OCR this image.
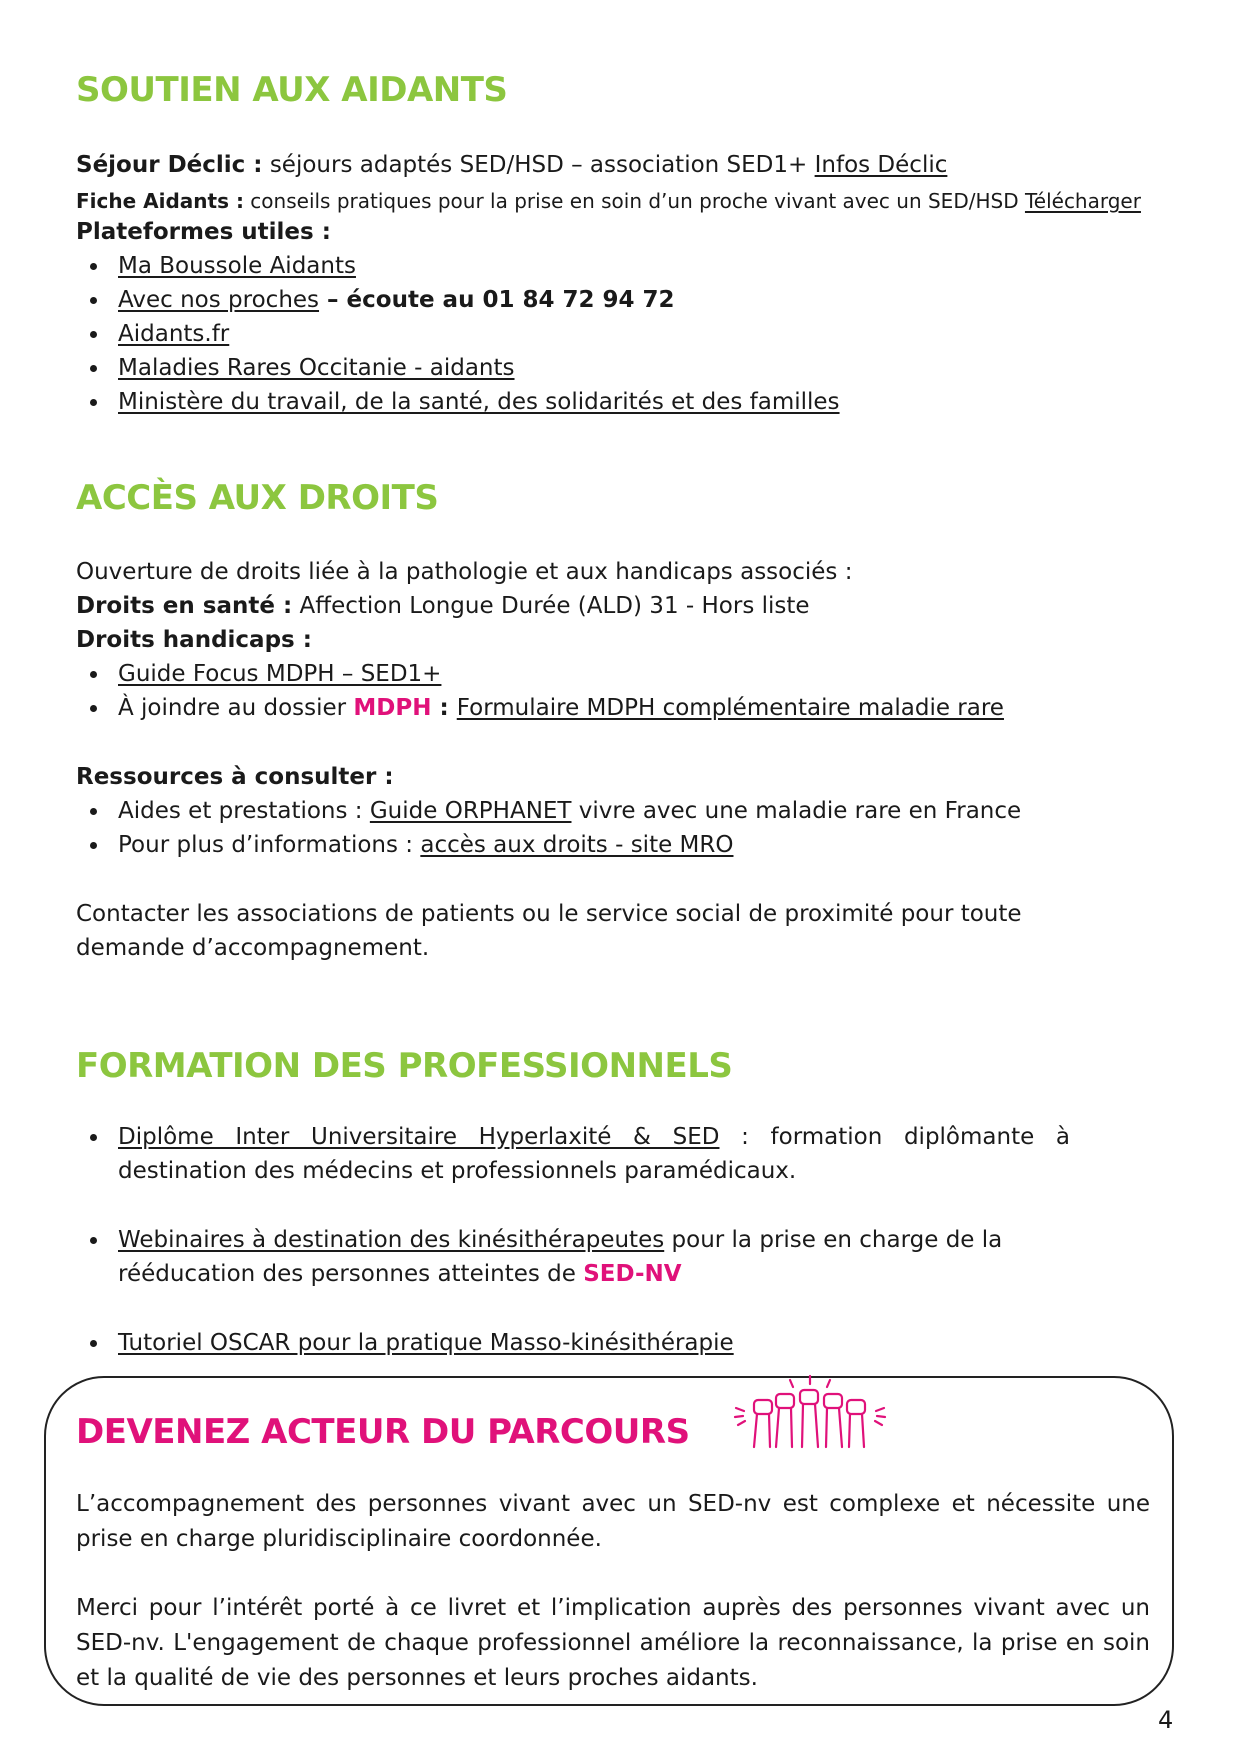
SOUTIEN AUX AIDANTS

Séjour Déclic : séjours adaptés SED/HSD – association SED1+ Infos Déclic

Fiche Aidants : conseils pratiques pour la prise en soin d’un proche vivant avec un SED/HSD Télécharger

Plateformes utiles :

Ma Boussole Aidants
Avec nos proches – écoute au 01 84 72 94 72
Aidants.fr
Maladies Rares Occitanie - aidants
Ministère du travail, de la santé, des solidarités et des familles
ACCÈS AUX DROITS

Ouverture de droits liée à la pathologie et aux handicaps associés :

Droits en santé : Affection Longue Durée (ALD) 31 - Hors liste

Droits handicaps :

Guide Focus MDPH – SED1+
À joindre au dossier MDPH : Formulaire MDPH complémentaire maladie rare

Ressources à consulter :

Aides et prestations : Guide ORPHANET vivre avec une maladie rare en France
Pour plus d’informations : accès aux droits - site MRO

Contacter les associations de patients ou le service social de proximité pour toute

demande d’accompagnement.

FORMATION DES PROFESSIONNELS
Diplôme Inter Universitaire Hyperlaxité & SED : formation diplômante à
destination des médecins et professionnels paramédicaux.
Webinaires à destination des kinésithérapeutes pour la prise en charge de la
rééducation des personnes atteintes de SED-NV
Tutoriel OSCAR pour la pratique Masso-kinésithérapie
DEVENEZ ACTEUR DU PARCOURS

L’accompagnement des personnes vivant avec un SED-nv est complexe et nécessite une prise en charge pluridisciplinaire coordonnée.

Merci pour l’intérêt porté à ce livret et l’implication auprès des personnes vivant avec un SED-nv. L'engagement de chaque professionnel améliore la reconnaissance, la prise en soin et la qualité de vie des personnes et leurs proches aidants.

4
